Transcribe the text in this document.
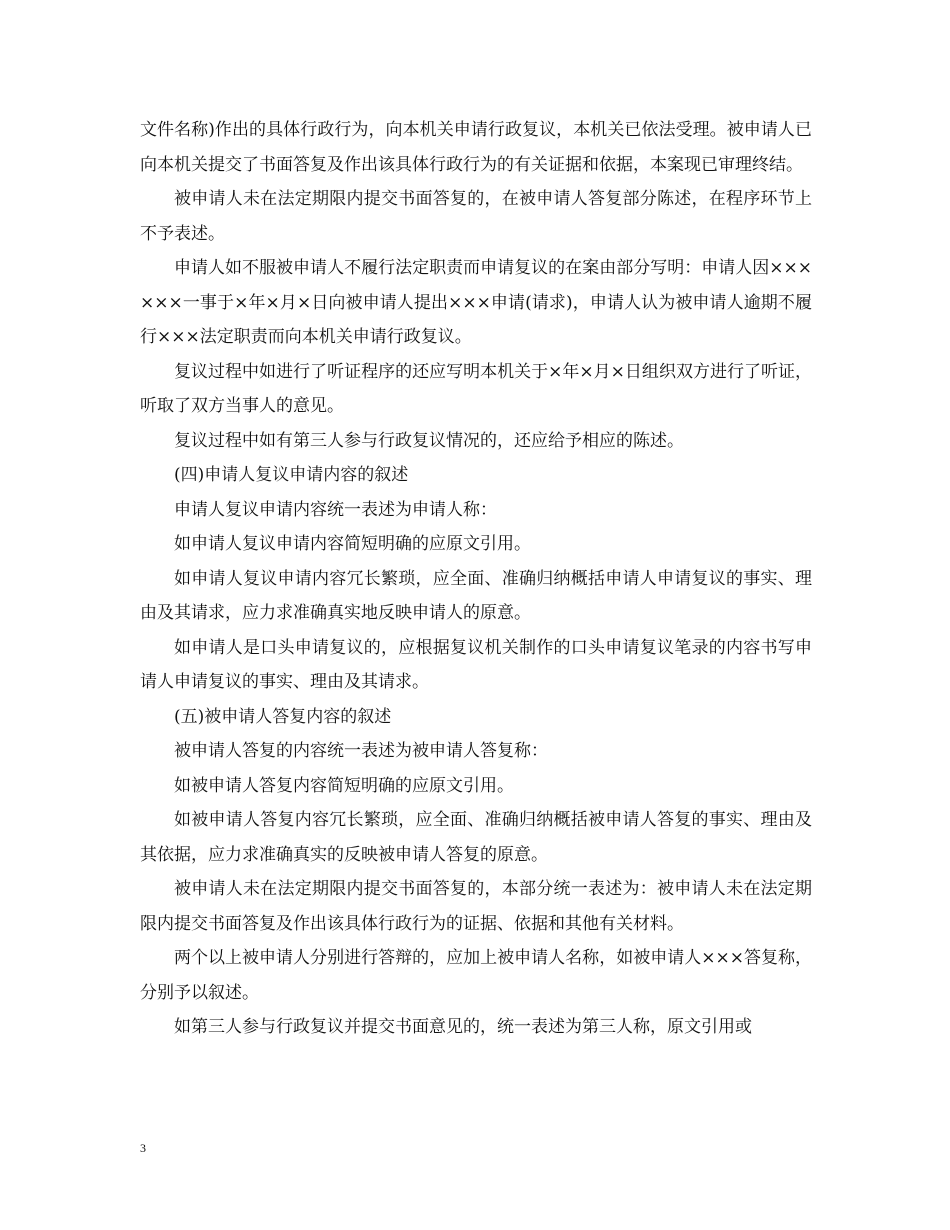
文件名称)作出的具体行政行为，向本机关申请行政复议，本机关已依法受理。被申请人已向本机关提交了书面答复及作出该具体行政行为的有关证据和依据，本案现已审理终结。

被申请人未在法定期限内提交书面答复的，在被申请人答复部分陈述，在程序环节上不予表述。

申请人如不服被申请人不履行法定职责而申请复议的在案由部分写明：申请人因××××××一事于×年×月×日向被申请人提出×××申请(请求)，申请人认为被申请人逾期不履行×××法定职责而向本机关申请行政复议。

复议过程中如进行了听证程序的还应写明本机关于×年×月×日组织双方进行了听证，听取了双方当事人的意见。

复议过程中如有第三人参与行政复议情况的，还应给予相应的陈述。

(四)申请人复议申请内容的叙述

申请人复议申请内容统一表述为申请人称：

如申请人复议申请内容简短明确的应原文引用。

如申请人复议申请内容冗长繁琐，应全面、准确归纳概括申请人申请复议的事实、理由及其请求，应力求准确真实地反映申请人的原意。

如申请人是口头申请复议的，应根据复议机关制作的口头申请复议笔录的内容书写申请人申请复议的事实、理由及其请求。

(五)被申请人答复内容的叙述

被申请人答复的内容统一表述为被申请人答复称：

如被申请人答复内容简短明确的应原文引用。

如被申请人答复内容冗长繁琐，应全面、准确归纳概括被申请人答复的事实、理由及其依据，应力求准确真实的反映被申请人答复的原意。

被申请人未在法定期限内提交书面答复的，本部分统一表述为：被申请人未在法定期限内提交书面答复及作出该具体行政行为的证据、依据和其他有关材料。

两个以上被申请人分别进行答辩的，应加上被申请人名称，如被申请人×××答复称，分别予以叙述。

如第三人参与行政复议并提交书面意见的，统一表述为第三人称，原文引用或

3
